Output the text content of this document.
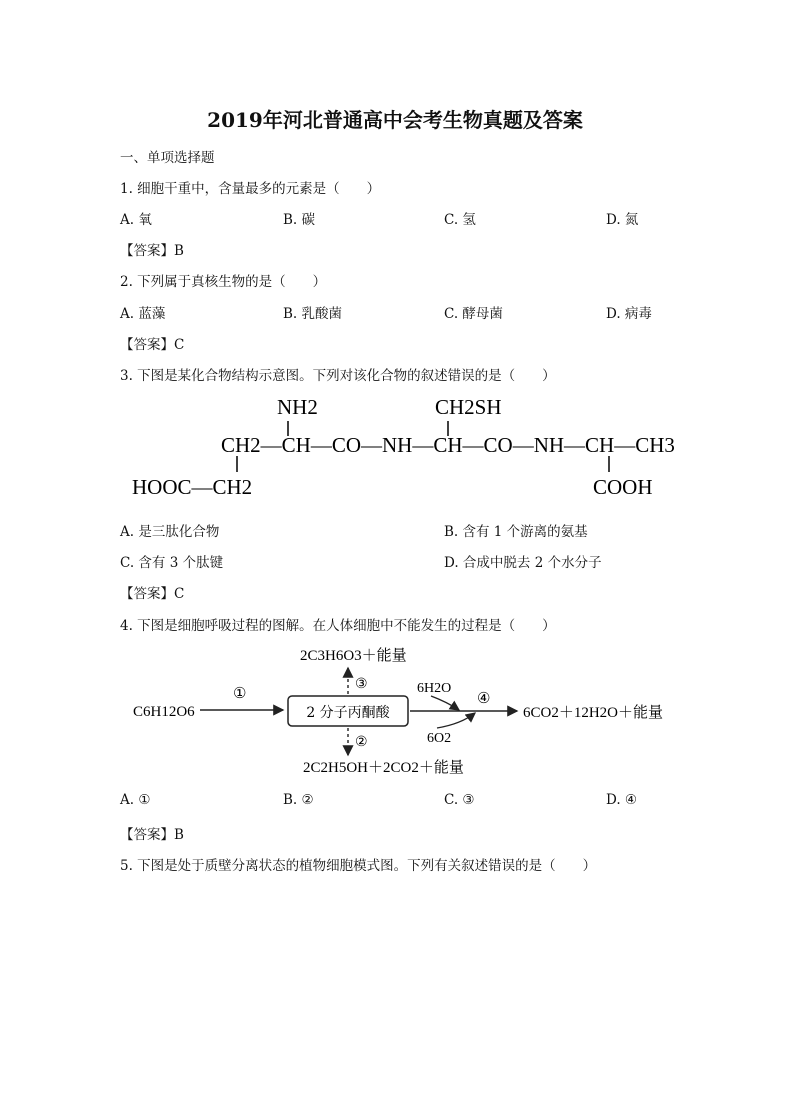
2019年河北普通高中会考生物真题及答案
一、单项选择题
1. 细胞干重中，含量最多的元素是（　　）
A. 氧	B. 碳	C. 氢	D. 氮
【答案】B
2. 下列属于真核生物的是（　　）
A. 蓝藻	B. 乳酸菌	C. 酵母菌	D. 病毒
【答案】C
3. 下图是某化合物结构示意图。下列对该化合物的叙述错误的是（　　）
NH2	CH2SH
CH2—CH—CO—NH—CH—CO—NH—CH—CH3
HOOC—CH2	COOH
A. 是三肽化合物	B. 含有 1 个游离的氨基
C. 含有 3 个肽键	D. 合成中脱去 2 个水分子
【答案】C
4. 下图是细胞呼吸过程的图解。在人体细胞中不能发生的过程是（　　）
C6H12O6
2C3H6O3＋能量
2C2H5OH＋2CO2＋能量
6H2O
6O2
6CO2＋12H2O＋能量
2 分子丙酮酸
①	③
②
④
A. ①	B. ②	C. ③	D. ④
【答案】B
5. 下图是处于质壁分离状态的植物细胞模式图。下列有关叙述错误的是（　　）
